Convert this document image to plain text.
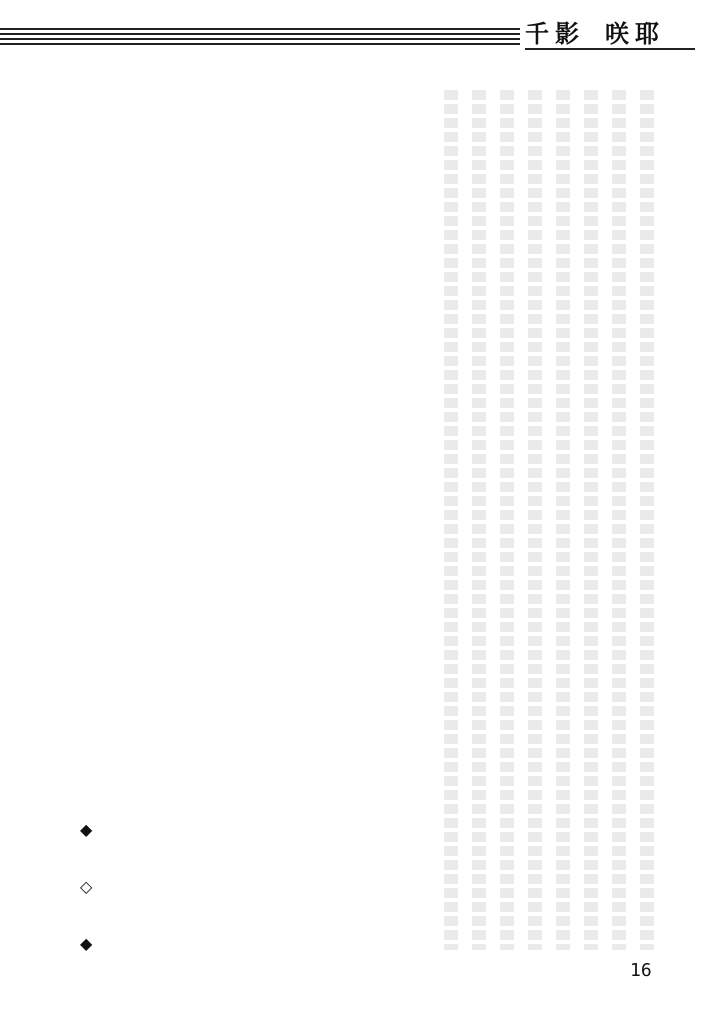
千影 咲耶
◆
◇
◆
16
